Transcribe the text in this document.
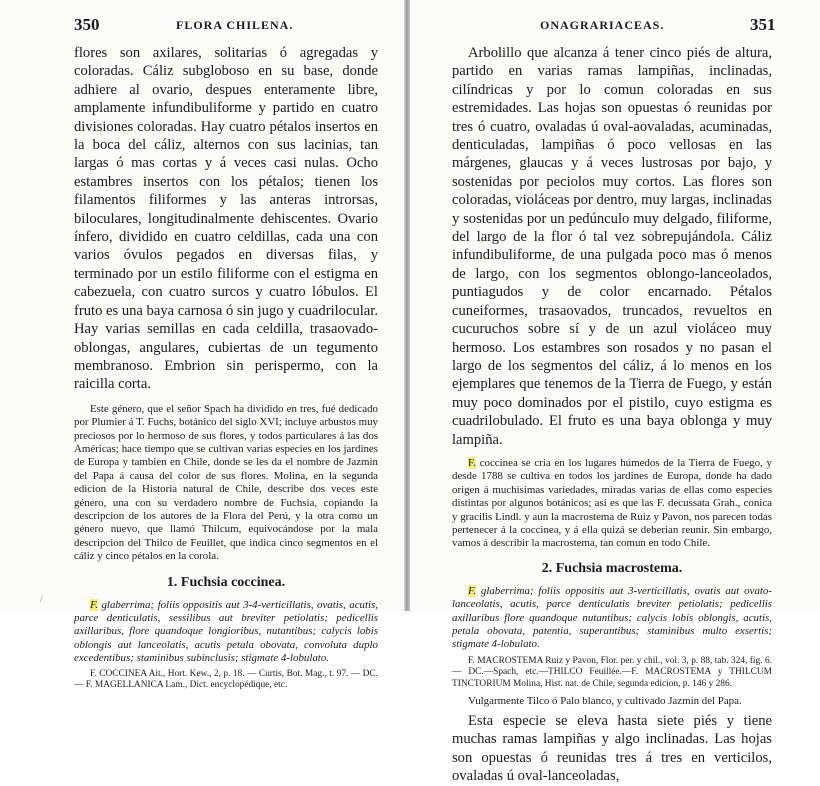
350	FLORA CHILENA.

flores son axilares, solitarias ó agregadas y coloradas. Cáliz subgloboso en su base, donde adhiere al ovario, despues enteramente libre, amplamente infundibuliforme y partido en cuatro divisiones coloradas. Hay cuatro pétalos insertos en la boca del cáliz, alternos con sus lacinias, tan largas ó mas cortas y á veces casi nulas. Ocho estambres insertos con los pétalos; tienen los filamentos filiformes y las anteras introrsas, biloculares, longitudinalmente dehiscentes. Ovario ínfero, dividido en cuatro celdillas, cada una con varios óvulos pegados en diversas filas, y terminado por un estilo filiforme con el estigma en cabezuela, con cuatro surcos y cuatro lóbulos. El fruto es una baya carnosa ó sin jugo y cuadrilocular. Hay varias semillas en cada celdilla, trasaovado-oblongas, angulares, cubiertas de un tegumento membranoso. Embrion sin perispermo, con la raicilla corta.

Este género, que el señor Spach ha dividido en tres, fué dedicado por Plumier á T. Fuchs, botánico del siglo XVI; incluye arbustos muy preciosos por lo hermoso de sus flores, y todos particulares á las dos Américas; hace tiempo que se cultivan varias especies en los jardines de Europa y tambien en Chile, donde se les da el nombre de Jazmin del Papa á causa del color de sus flores. Molina, en la segunda edicion de la Historia natural de Chile, describe dos veces este género, una con su verdadero nombre de Fuchsia, copiando la descripcion de los autores de la Flora del Perú, y la otra como un género nuevo, que llamó Thilcum, equivocándose por la mala descripcion del Thilco de Feuillet, que indica cinco segmentos en el cáliz y cinco pétalos en la corola.

1. Fuchsia coccinea.

F. glaberrima; foliis oppositis aut 3-4-verticillatis, ovatis, acutis, parce denticulatis, sessilibus aut breviter petiolatis; pedicellis axillaribus, flore quandoque longioribus, nutantibus; calycis lobis oblongis aut lanceolatis, acutis petala obovata, convoluta duplo excedentibus; staminibus subinclusis; stigmate 4-lobulato.

F. COCCINEA Ait., Hort. Kew., 2, p. 18. — Curtis, Bot. Mag., t. 97. — DC. — F. MAGELLANICA Lam., Dict. encyclopédique, etc.

/
ONAGRARIACEAS.	351

Arbolillo que alcanza á tener cinco piés de altura, partido en varias ramas lampiñas, inclinadas, cilíndricas y por lo comun coloradas en sus estremidades. Las hojas son opuestas ó reunidas por tres ó cuatro, ovaladas ú oval-aovaladas, acuminadas, denticuladas, lampiñas ó poco vellosas en las márgenes, glaucas y á veces lustrosas por bajo, y sostenidas por peciolos muy cortos. Las flores son coloradas, violáceas por dentro, muy largas, inclinadas y sostenidas por un pedúnculo muy delgado, filiforme, del largo de la flor ó tal vez sobrepujándola. Cáliz infundibuliforme, de una pulgada poco mas ó menos de largo, con los segmentos oblongo-lanceolados, puntiagudos y de color encarnado. Pétalos cuneiformes, trasaovados, truncados, revueltos en cucuruchos sobre sí y de un azul violáceo muy hermoso. Los estambres son rosados y no pasan el largo de los segmentos del cáliz, á lo menos en los ejemplares que tenemos de la Tierra de Fuego, y están muy poco dominados por el pistilo, cuyo estigma es cuadrilobulado. El fruto es una baya oblonga y muy lampiña.

F. coccinea se cria en los lugares húmedos de la Tierra de Fuego, y desde 1788 se cultiva en todos los jardines de Europa, donde ha dado origen á muchisimas variedades, miradas varias de ellas como especies distintas por algunos botánicos; así es que las F. decussata Grah., conica y gracilis Lindl. y aun la macrostema de Ruiz y Pavon, nos parecen todas pertenecer á la coccinea, y á ella quizá se deberian reunir. Sin embargo, vamos á describir la macrostema, tan comun en todo Chile.

2. Fuchsia macrostema.

F. glaberrima; foliis oppositis aut 3-verticillatis, ovatis aut ovato-lanceolatis, acutis, parce denticulatis breviter petiolatis; pedicellis axillaribus flore quandoque nutantibus; calycis lobis oblongis, acutis, petala obovata, patentia, superantibus; staminibus multo exsertis; stigmate 4-lobulato.

F. MACROSTEMA Ruiz y Pavon, Flor. per. y chil., vol. 3, p. 88, tab. 324, fig. 6. — DC.—Spach, etc.—THILCO Feuillée.—F. MACROSTEMA y THILCUM TINCTORIUM Molina, Hist. nat. de Chile, segunda edicion, p. 146 y 286.

Vulgarmente Tilco ó Palo blanco, y cultivado Jazmin del Papa.

Esta especie se eleva hasta siete piés y tiene muchas ramas lampiñas y algo inclinadas. Las hojas son opuestas ó reunidas tres á tres en verticilos, ovaladas ú oval-lanceoladas,
